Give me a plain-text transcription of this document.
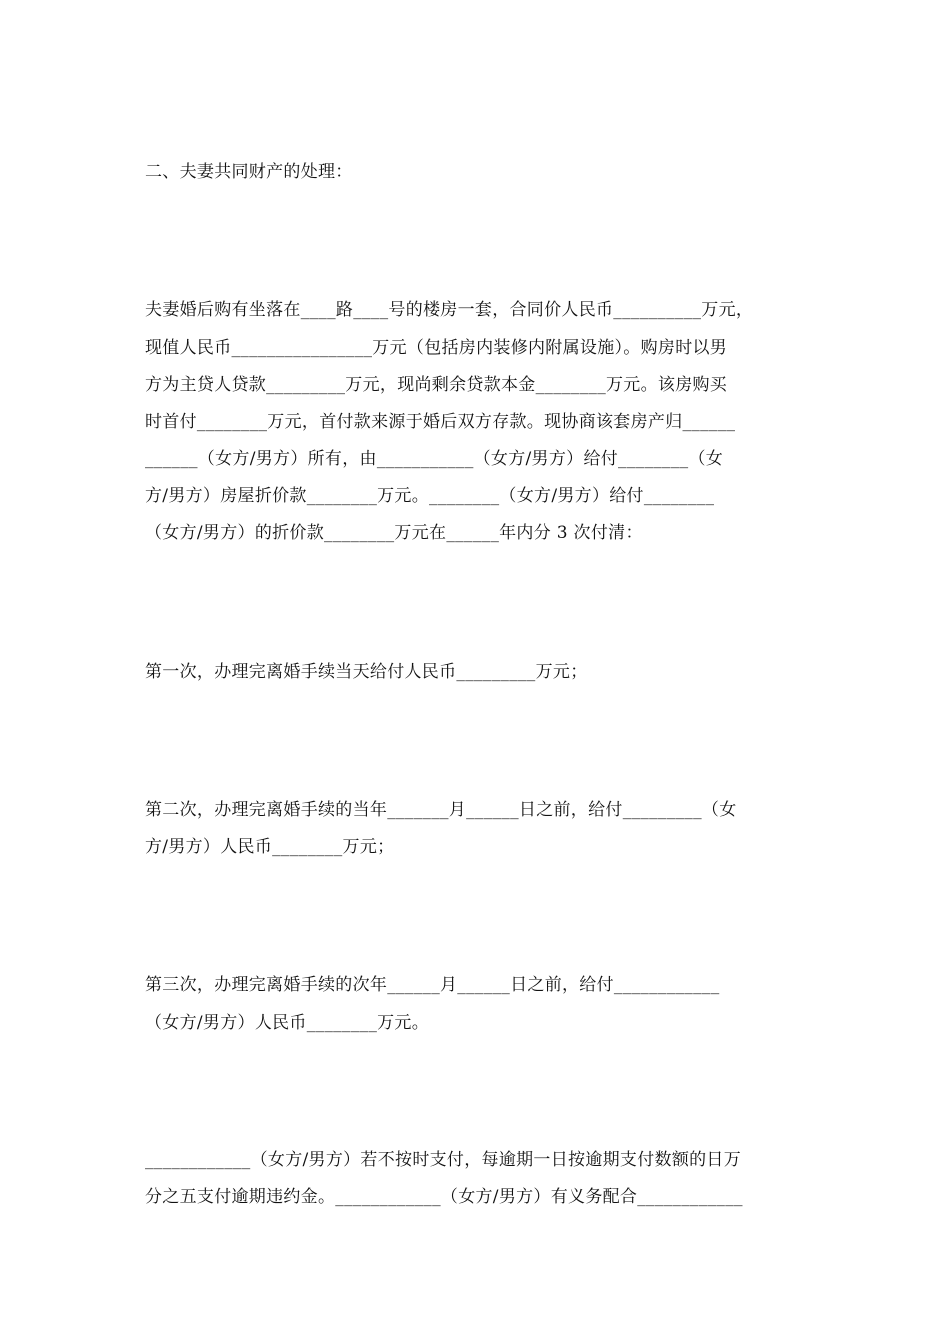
二、夫妻共同财产的处理：

夫妻婚后购有坐落在____路____号的楼房一套，合同价人民币__________万元，

现值人民币________________万元（包括房内装修内附属设施）。购房时以男

方为主贷人贷款_________万元，现尚剩余贷款本金________万元。该房购买

时首付________万元，首付款来源于婚后双方存款。现协商该套房产归______

______（女方/男方）所有，由___________（女方/男方）给付________（女

方/男方）房屋折价款________万元。________（女方/男方）给付________

（女方/男方）的折价款________万元在______年内分 3 次付清：

第一次，办理完离婚手续当天给付人民币_________万元；

第二次，办理完离婚手续的当年_______月______日之前，给付_________（女

方/男方）人民币________万元；

第三次，办理完离婚手续的次年______月______日之前，给付____________

（女方/男方）人民币________万元。

____________（女方/男方）若不按时支付，每逾期一日按逾期支付数额的日万

分之五支付逾期违约金。____________（女方/男方）有义务配合____________
